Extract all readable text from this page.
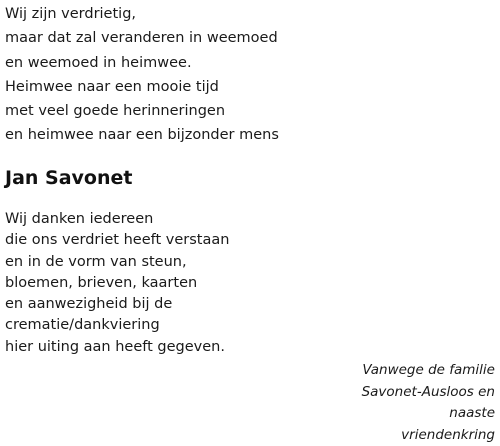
Wij zijn verdrietig,
maar dat zal veranderen in weemoed
en weemoed in heimwee.
Heimwee naar een mooie tijd
met veel goede herinneringen
en heimwee naar een bijzonder mens
Jan Savonet
Wij danken iedereen
die ons verdriet heeft verstaan
en in de vorm van steun,
bloemen, brieven, kaarten
en aanwezigheid bij de
crematie/dankviering
hier uiting aan heeft gegeven.
Vanwege de familie
Savonet-Ausloos en
naaste
vriendenkring
